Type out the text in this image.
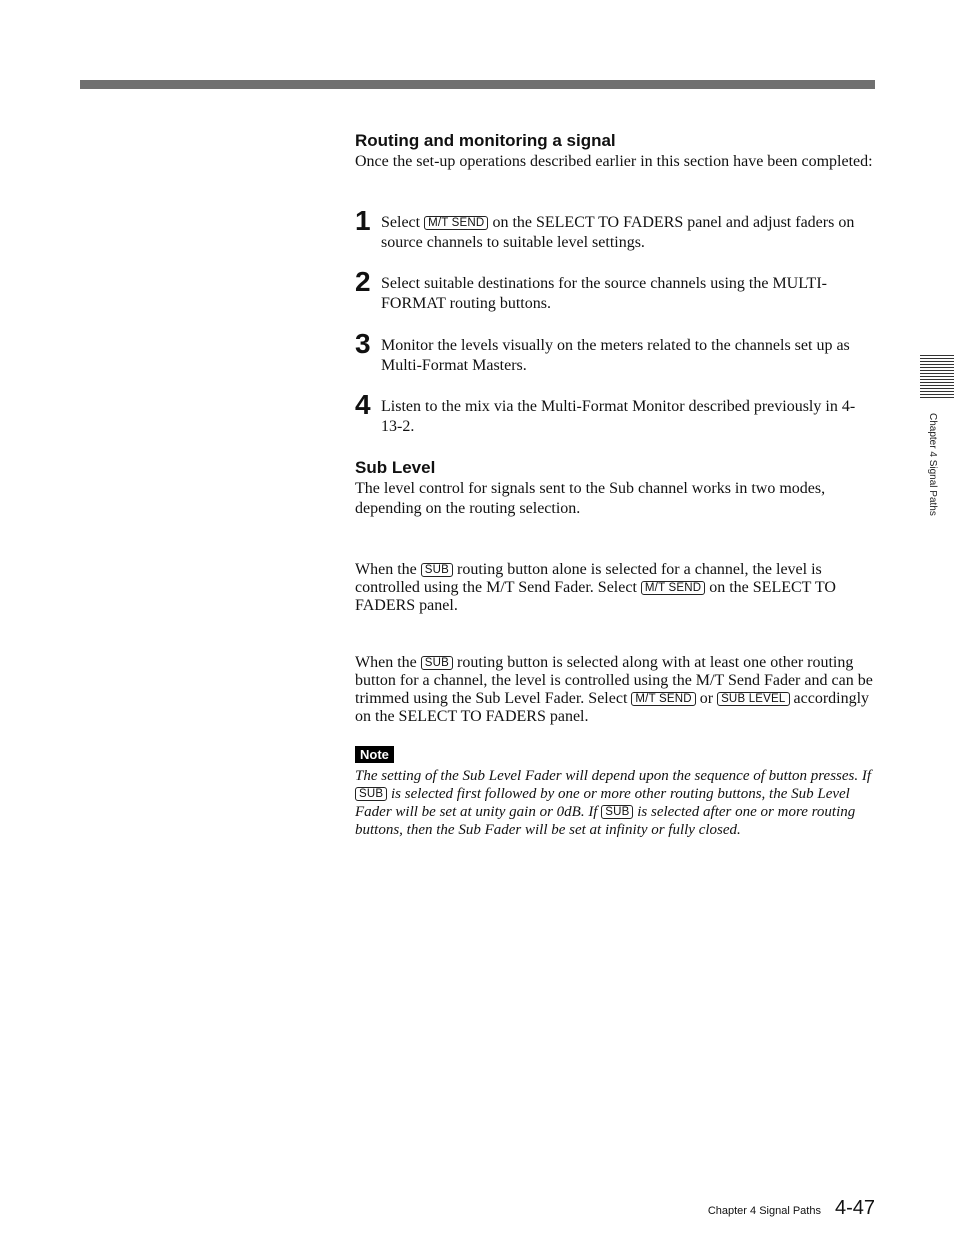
Routing and monitoring a signal

Once the set-up operations described earlier in this section have been completed:

1 Select M/T SEND on the SELECT TO FADERS panel and adjust faders on source channels to suitable level settings.
2 Select suitable destinations for the source channels using the MULTI-FORMAT routing buttons.
3 Monitor the levels visually on the meters related to the channels set up as Multi-Format Masters.
4 Listen to the mix via the Multi-Format Monitor described previously in 4-13-2.
Sub Level

The level control for signals sent to the Sub channel works in two modes, depending on the routing selection.

When the SUB routing button alone is selected for a channel, the level is controlled using the M/T Send Fader. Select M/T SEND on the SELECT TO FADERS panel.

When the SUB routing button is selected along with at least one other routing button for a channel, the level is controlled using the M/T Send Fader and can be trimmed using the Sub Level Fader. Select M/T SEND or SUB LEVEL accordingly on the SELECT TO FADERS panel.

Note
The setting of the Sub Level Fader will depend upon the sequence of button presses. If SUB is selected first followed by one or more other routing buttons, the Sub Level Fader will be set at unity gain or 0dB. If SUB is selected after one or more routing buttons, then the Sub Fader will be set at infinity or fully closed.
Chapter 4 Signal Paths
Chapter 4 Signal Paths 4-47
